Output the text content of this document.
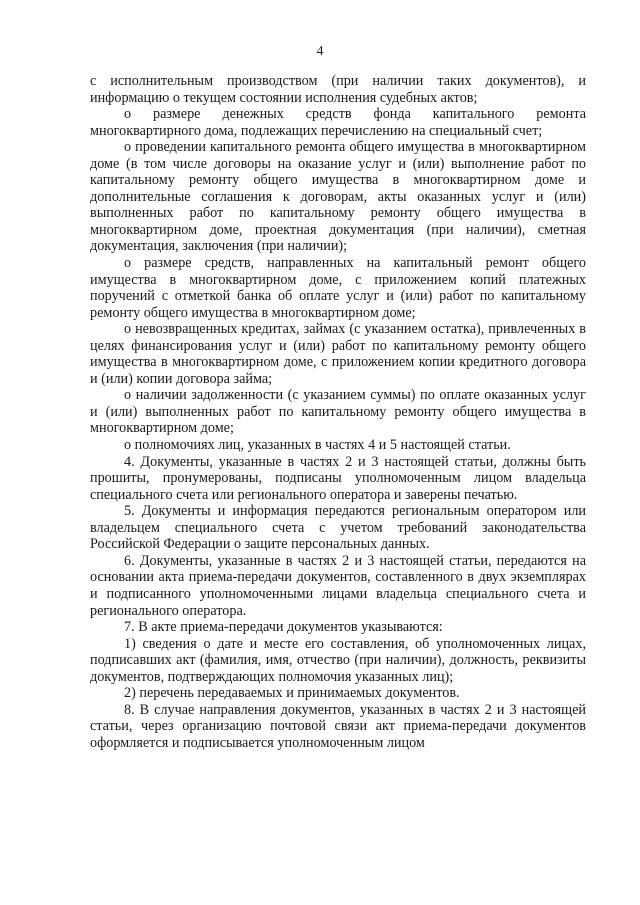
4

с исполнительным производством (при наличии таких документов), и информацию о текущем состоянии исполнения судебных актов;

о размере денежных средств фонда капитального ремонта многоквартирного дома, подлежащих перечислению на специальный счет;

о проведении капитального ремонта общего имущества в многоквартирном доме (в том числе договоры на оказание услуг и (или) выполнение работ по капитальному ремонту общего имущества в многоквартирном доме и дополнительные соглашения к договорам, акты оказанных услуг и (или) выполненных работ по капитальному ремонту общего имущества в многоквартирном доме, проектная документация (при наличии), сметная документация, заключения (при наличии);

о размере средств, направленных на капитальный ремонт общего имущества в многоквартирном доме, с приложением копий платежных поручений с отметкой банка об оплате услуг и (или) работ по капитальному ремонту общего имущества в многоквартирном доме;

о невозвращенных кредитах, займах (с указанием остатка), привлеченных в целях финансирования услуг и (или) работ по капитальному ремонту общего имущества в многоквартирном доме, с приложением копии кредитного договора и (или) копии договора займа;

о наличии задолженности (с указанием суммы) по оплате оказанных услуг и (или) выполненных работ по капитальному ремонту общего имущества в многоквартирном доме;

о полномочиях лиц, указанных в частях 4 и 5 настоящей статьи.

4. Документы, указанные в частях 2 и 3 настоящей статьи, должны быть прошиты, пронумерованы, подписаны уполномоченным лицом владельца специального счета или регионального оператора и заверены печатью.

5. Документы и информация передаются региональным оператором или владельцем специального счета с учетом требований законодательства Российской Федерации о защите персональных данных.

6. Документы, указанные в частях 2 и 3 настоящей статьи, передаются на основании акта приема-передачи документов, составленного в двух экземплярах и подписанного уполномоченными лицами владельца специального счета и регионального оператора.

7. В акте приема-передачи документов указываются:

1) сведения о дате и месте его составления, об уполномоченных лицах, подписавших акт (фамилия, имя, отчество (при наличии), должность, реквизиты документов, подтверждающих полномочия указанных лиц);

2) перечень передаваемых и принимаемых документов.

8. В случае направления документов, указанных в частях 2 и 3 настоящей статьи, через организацию почтовой связи акт приема-передачи документов оформляется и подписывается уполномоченным лицом
